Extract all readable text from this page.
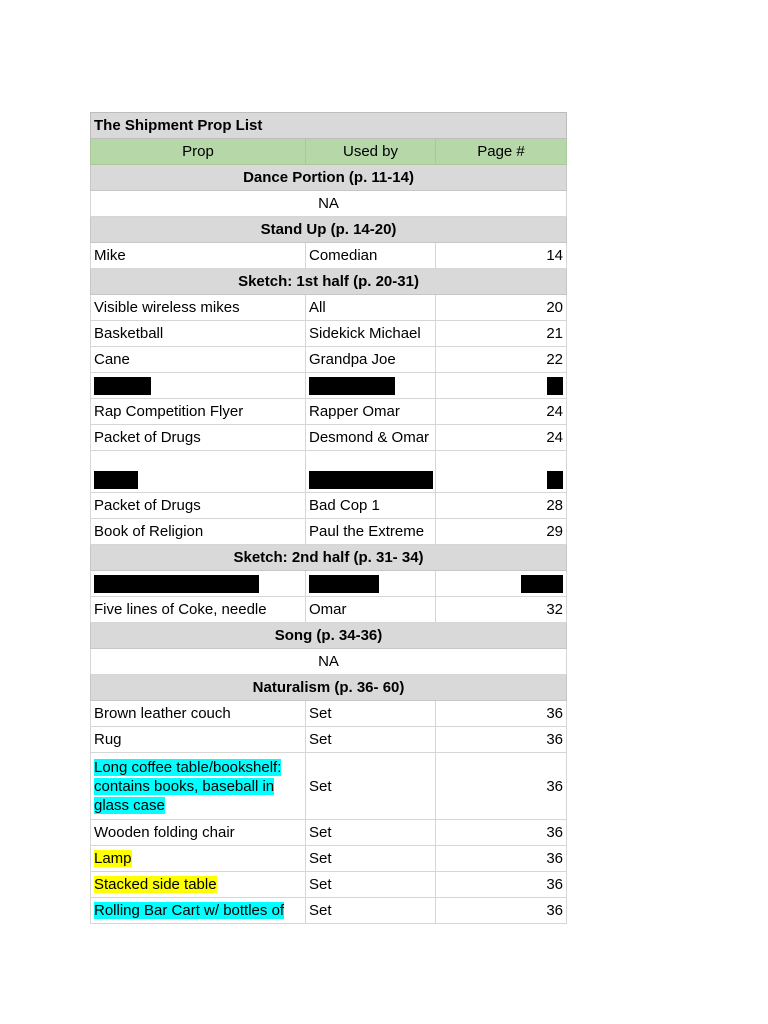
The Shipment Prop List		
Prop	Used by	Page #
Dance Portion (p. 11-14)		
NA		
Stand Up (p. 14-20)		
Mike	Comedian	14
Sketch: 1st half (p. 20-31)		
Visible wireless mikes	All	20
Basketball	Sidekick Michael	21
Cane	Grandpa Joe	22

Rap Competition Flyer	Rapper Omar	24
Packet of Drugs	Desmond & Omar	24

Packet of Drugs	Bad Cop 1	28
Book of Religion	Paul the Extreme	29
Sketch: 2nd half (p. 31- 34)		

Five lines of Coke, needle	Omar	32
Song (p. 34-36)		
NA		
Naturalism (p. 36- 60)		
Brown leather couch	Set	36
Rug	Set	36
Long coffee table/bookshelf: contains books, baseball in glass case	Set	36
Wooden folding chair	Set	36
Lamp	Set	36
Stacked side table	Set	36
Rolling Bar Cart w/ bottles of	Set	36
